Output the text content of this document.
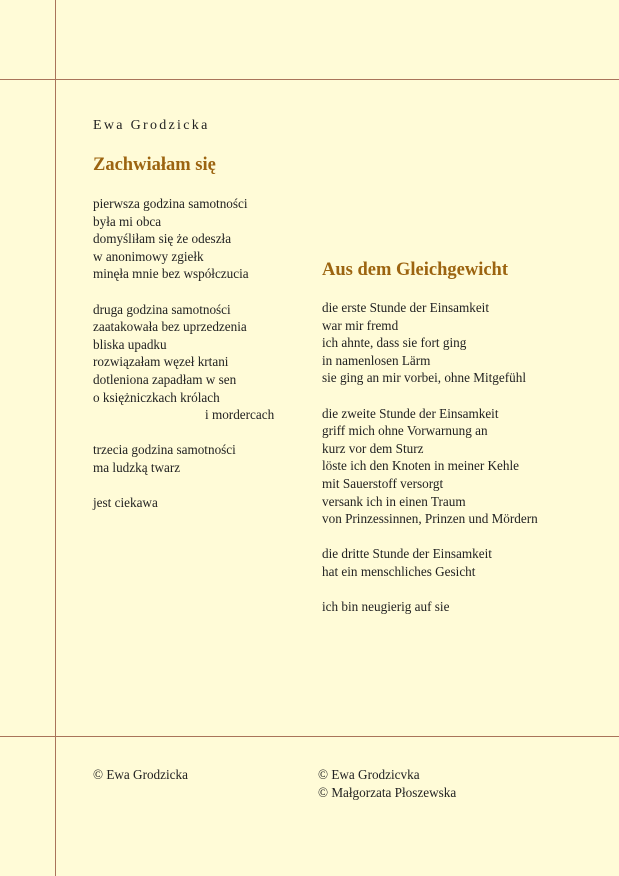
Ewa Grodzicka
Zachwiałam się
pierwsza godzina samotności
była mi obca
domyśliłam się że odeszła
w anonimowy zgiełk
minęła mnie bez współczucia
druga godzina samotności
zaatakowała bez uprzedzenia
bliska upadku
rozwiązałam węzeł krtani
dotleniona zapadłam w sen
o księżniczkach królach
i mordercach
trzecia godzina samotności
ma ludzką twarz
jest ciekawa
Aus dem Gleichgewicht
die erste Stunde der Einsamkeit
war mir fremd
ich ahnte, dass sie fort ging
in namenlosen Lärm
sie ging an mir vorbei, ohne Mitgefühl
die zweite Stunde der Einsamkeit
griff mich ohne Vorwarnung an
kurz vor dem Sturz
löste ich den Knoten in meiner Kehle
mit Sauerstoff versorgt
versank ich in einen Traum
von Prinzessinnen, Prinzen und Mördern
die dritte Stunde der Einsamkeit
hat ein menschliches Gesicht
ich bin neugierig auf sie
© Ewa Grodzicka	© Ewa Grodzicvka
© Małgorzata Płoszewska
